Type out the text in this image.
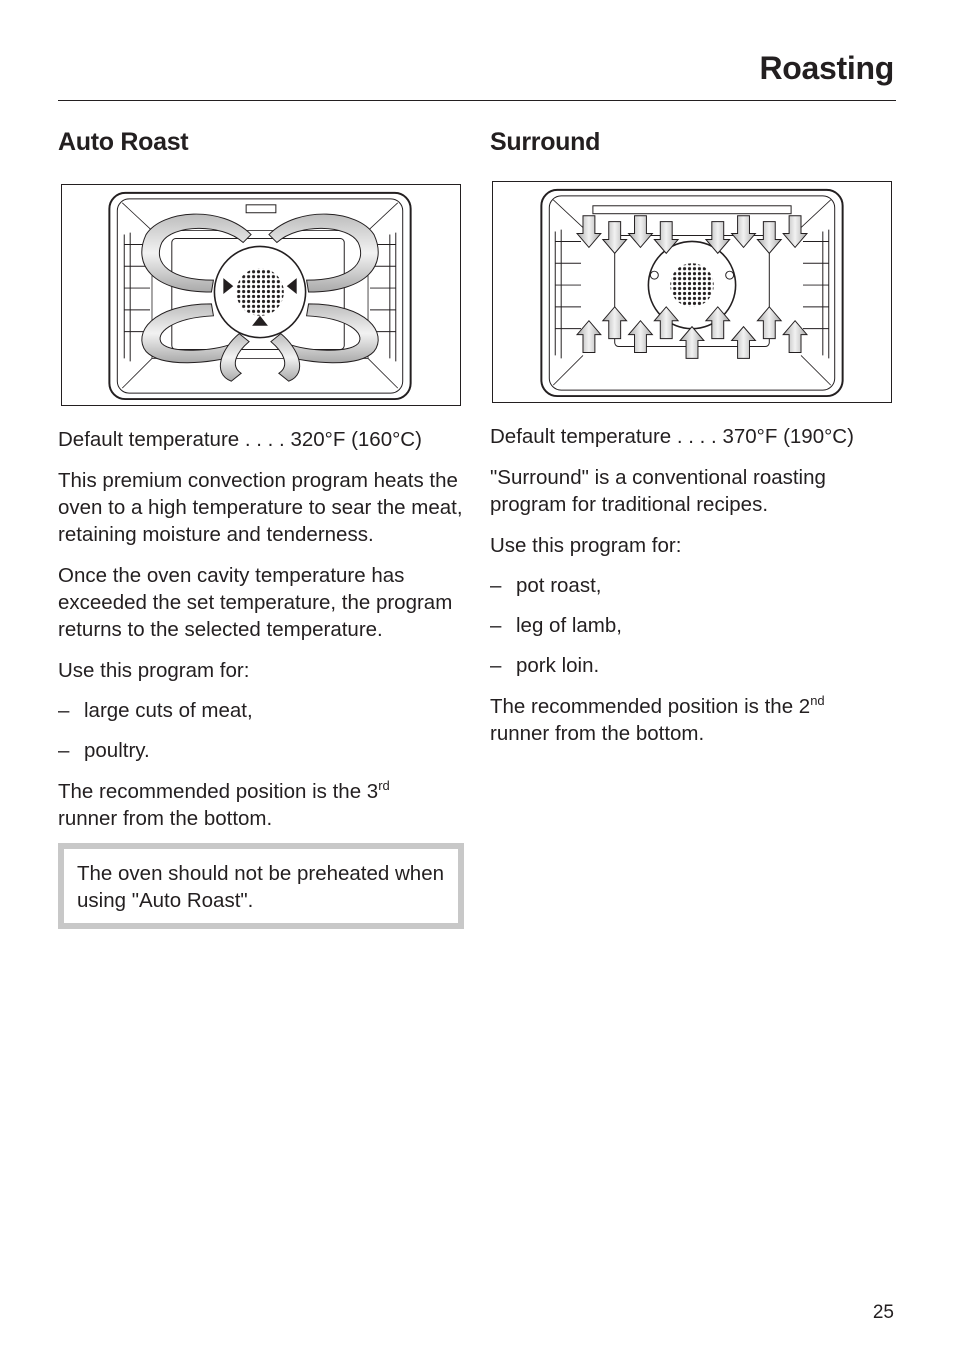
Roasting
Auto Roast

Default temperature . . . . 320°F (160°C)

This premium convection program heats the oven to a high temperature to sear the meat, retaining moisture and tenderness.

Once the oven cavity temperature has exceeded the set temperature, the program returns to the selected temperature.

Use this program for:

– large cuts of meat,

– poultry.

The recommended position is the 3rd
runner from the bottom.

The oven should not be preheated when using "Auto Roast".

Surround

Default temperature . . . . 370°F (190°C)

"Surround" is a conventional roasting program for traditional recipes.

Use this program for:

– pot roast,

– leg of lamb,

– pork loin.

The recommended position is the 2nd
runner from the bottom.

25
